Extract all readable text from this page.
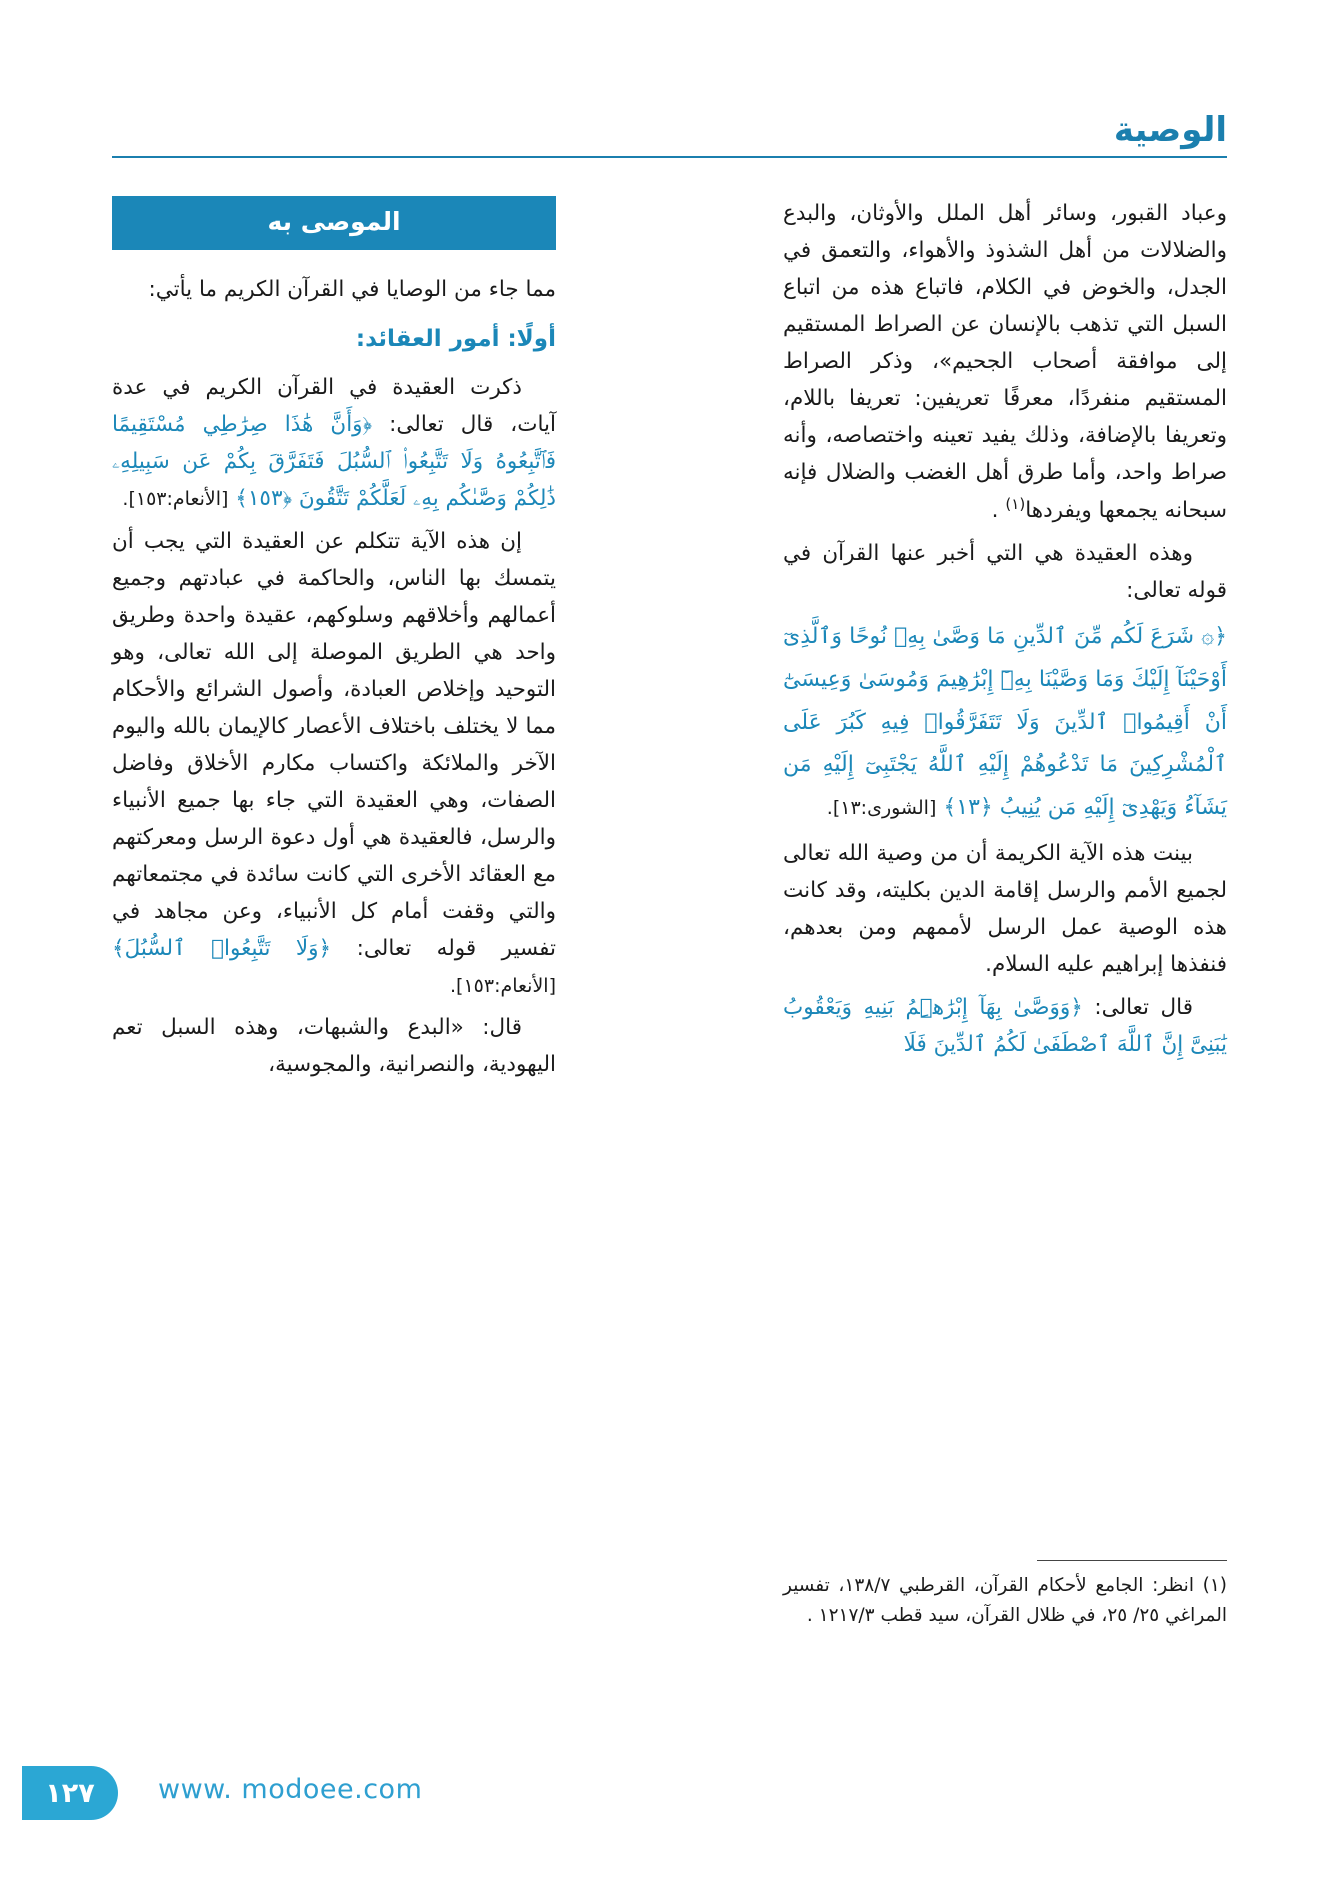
الوصية
الموصى به

مما جاء من الوصايا في القرآن الكريم ما يأتي:

أولًا: أمور العقائد:

ذكرت العقيدة في القرآن الكريم في عدة آيات، قال تعالى: ﴿وَأَنَّ هَٰذَا صِرَٰطِي مُسْتَقِيمًا فَٱتَّبِعُوهُ وَلَا تَتَّبِعُوا۟ ٱلسُّبُلَ فَتَفَرَّقَ بِكُمْ عَن سَبِيلِهِۦ ذَٰلِكُمْ وَصَّىٰكُم بِهِۦ لَعَلَّكُمْ تَتَّقُونَ ﴿١٥٣﴾ [الأنعام:١٥٣].

إن هذه الآية تتكلم عن العقيدة التي يجب أن يتمسك بها الناس، والحاكمة في عبادتهم وجميع أعمالهم وأخلاقهم وسلوكهم، عقيدة واحدة وطريق واحد هي الطريق الموصلة إلى الله تعالى، وهو التوحيد وإخلاص العبادة، وأصول الشرائع والأحكام مما لا يختلف باختلاف الأعصار كالإيمان بالله واليوم الآخر والملائكة واكتساب مكارم الأخلاق وفاضل الصفات، وهي العقيدة التي جاء بها جميع الأنبياء والرسل، فالعقيدة هي أول دعوة الرسل ومعركتهم مع العقائد الأخرى التي كانت سائدة في مجتمعاتهم والتي وقفت أمام كل الأنبياء، وعن مجاهد في تفسير قوله تعالى: ﴿وَلَا تَتَّبِعُوا۟ ٱلسُّبُلَ﴾ [الأنعام:١٥٣].

قال: «البدع والشبهات، وهذه السبل تعم اليهودية، والنصرانية، والمجوسية،

وعباد القبور، وسائر أهل الملل والأوثان، والبدع والضلالات من أهل الشذوذ والأهواء، والتعمق في الجدل، والخوض في الكلام، فاتباع هذه من اتباع السبل التي تذهب بالإنسان عن الصراط المستقيم إلى موافقة أصحاب الجحيم»، وذكر الصراط المستقيم منفردًا، معرفًا تعريفين: تعريفا باللام، وتعريفا بالإضافة، وذلك يفيد تعينه واختصاصه، وأنه صراط واحد، وأما طرق أهل الغضب والضلال فإنه سبحانه يجمعها ويفردها$^{(١)}$ .

وهذه العقيدة هي التي أخبر عنها القرآن في قوله تعالى:

﴿۞ شَرَعَ لَكُم مِّنَ ٱلدِّينِ مَا وَصَّىٰ بِهِۦ نُوحًا وَٱلَّذِىٓ أَوْحَيْنَآ إِلَيْكَ وَمَا وَصَّيْنَا بِهِۦٓ إِبْرَٰهِيمَ وَمُوسَىٰ وَعِيسَىٰٓ أَنْ أَقِيمُوا۟ ٱلدِّينَ وَلَا تَتَفَرَّقُوا۟ فِيهِ كَبُرَ عَلَى ٱلْمُشْرِكِينَ مَا تَدْعُوهُمْ إِلَيْهِ ٱللَّهُ يَجْتَبِىٓ إِلَيْهِ مَن يَشَآءُ وَيَهْدِىٓ إِلَيْهِ مَن يُنِيبُ ﴿١٣﴾ [الشورى:١٣].

بينت هذه الآية الكريمة أن من وصية الله تعالى لجميع الأمم والرسل إقامة الدين بكليته، وقد كانت هذه الوصية عمل الرسل لأممهم ومن بعدهم، فنفذها إبراهيم عليه السلام.

قال تعالى: ﴿وَوَصَّىٰ بِهَآ إِبْرَٰهِۧمُ بَنِيهِ وَيَعْقُوبُ يَٰبَنِىَّ إِنَّ ٱللَّهَ ٱصْطَفَىٰ لَكُمُ ٱلدِّينَ فَلَا

(١) انظر: الجامع لأحكام القرآن، القرطبي ١٣٨/٧، تفسير المراغي ٢٥/ ٢٥، في ظلال القرآن، سيد قطب ١٢١٧/٣ .
١٢٧	www. modoee.com
